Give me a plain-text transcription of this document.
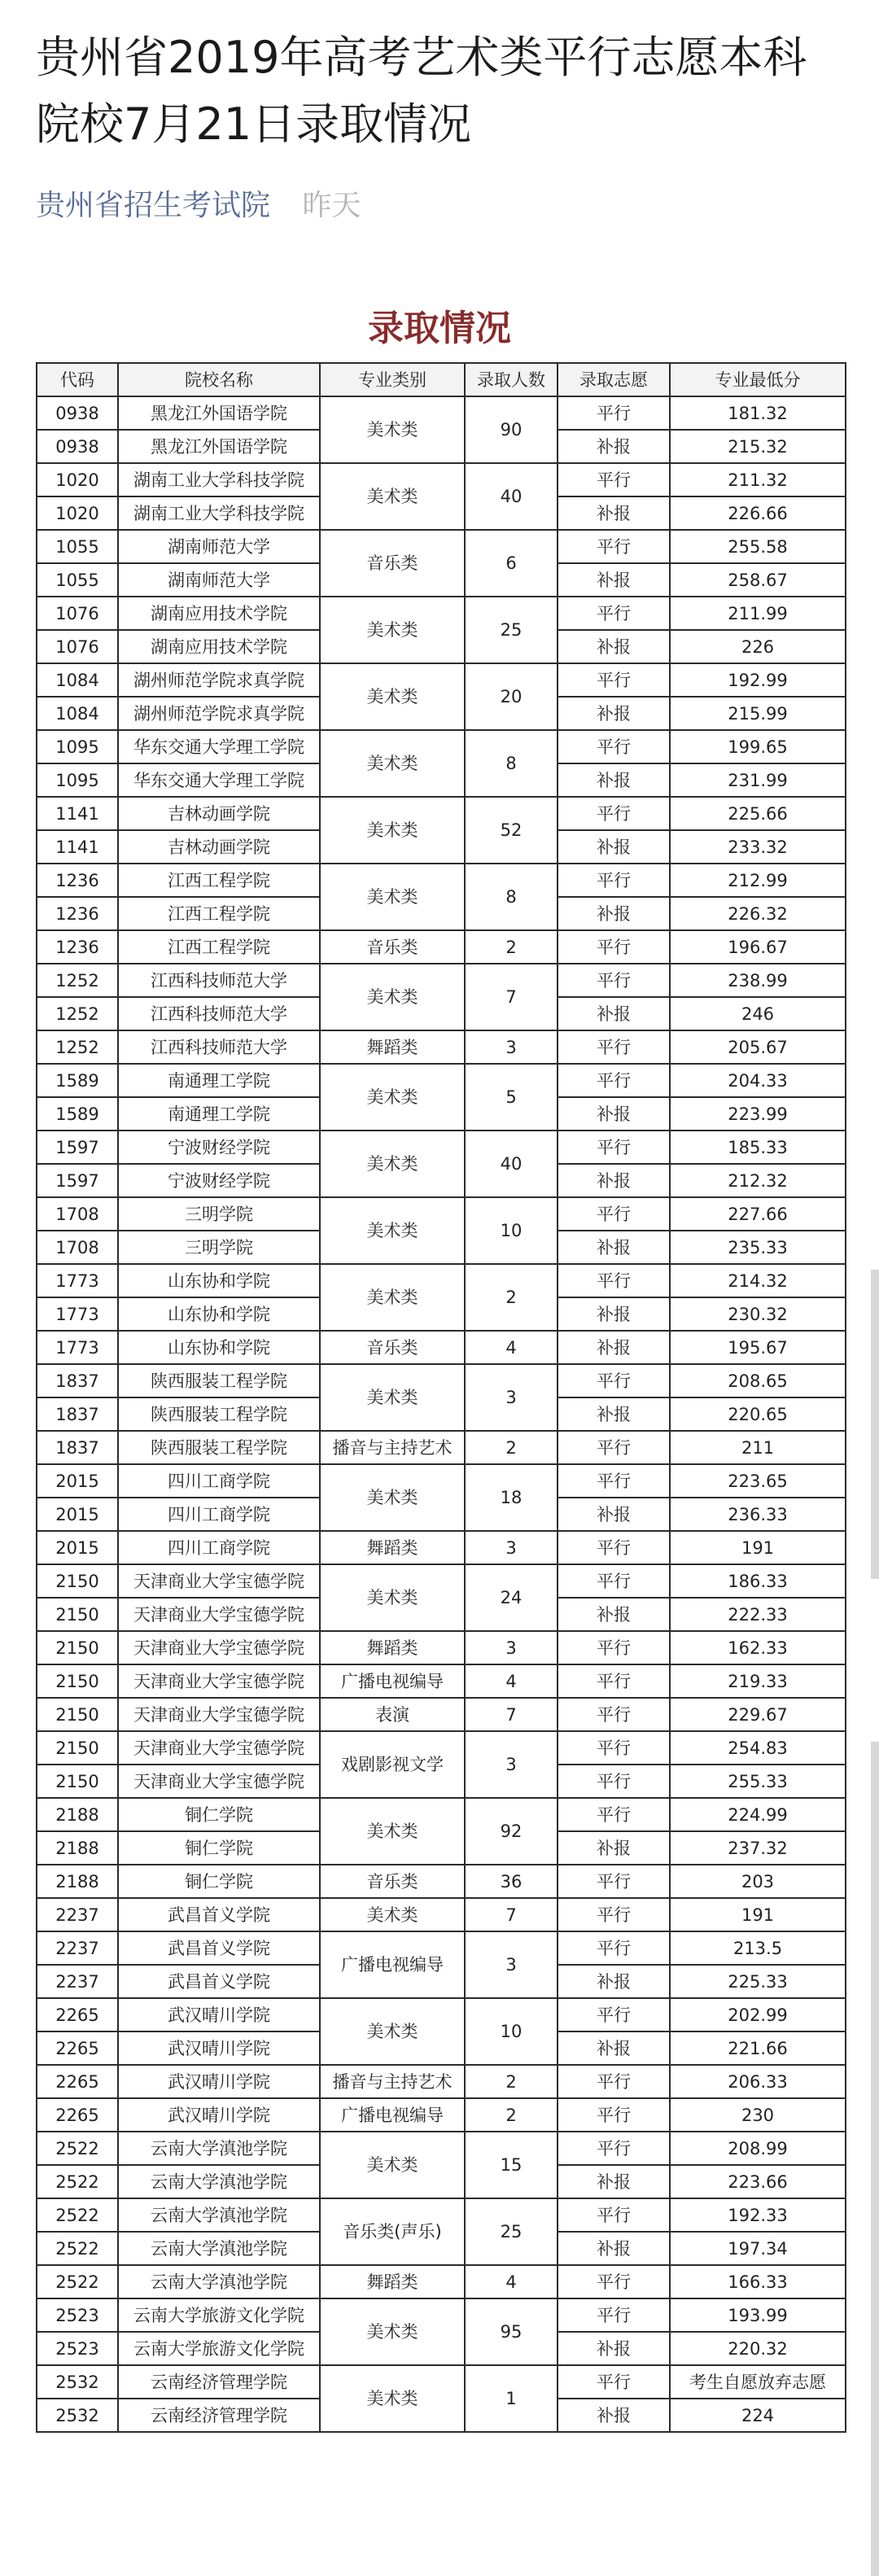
贵州省2019年高考艺术类平行志愿本科院校7月21日录取情况
贵州省招生考试院 昨天
录取情况
代码	院校名称	专业类别	录取人数	录取志愿	专业最低分
0938	黑龙江外国语学院	美术类	90	平行	181.32
0938	黑龙江外国语学院			补报	215.32
1020	湖南工业大学科技学院	美术类	40	平行	211.32
1020	湖南工业大学科技学院			补报	226.66
1055	湖南师范大学	音乐类	6	平行	255.58
1055	湖南师范大学			补报	258.67
1076	湖南应用技术学院	美术类	25	平行	211.99
1076	湖南应用技术学院			补报	226
1084	湖州师范学院求真学院	美术类	20	平行	192.99
1084	湖州师范学院求真学院			补报	215.99
1095	华东交通大学理工学院	美术类	8	平行	199.65
1095	华东交通大学理工学院			补报	231.99
1141	吉林动画学院	美术类	52	平行	225.66
1141	吉林动画学院			补报	233.32
1236	江西工程学院	美术类	8	平行	212.99
1236	江西工程学院			补报	226.32
1236	江西工程学院	音乐类	2	平行	196.67
1252	江西科技师范大学	美术类	7	平行	238.99
1252	江西科技师范大学			补报	246
1252	江西科技师范大学	舞蹈类	3	平行	205.67
1589	南通理工学院	美术类	5	平行	204.33
1589	南通理工学院			补报	223.99
1597	宁波财经学院	美术类	40	平行	185.33
1597	宁波财经学院			补报	212.32
1708	三明学院	美术类	10	平行	227.66
1708	三明学院			补报	235.33
1773	山东协和学院	美术类	2	平行	214.32
1773	山东协和学院			补报	230.32
1773	山东协和学院	音乐类	4	补报	195.67
1837	陕西服装工程学院	美术类	3	平行	208.65
1837	陕西服装工程学院			补报	220.65
1837	陕西服装工程学院	播音与主持艺术	2	平行	211
2015	四川工商学院	美术类	18	平行	223.65
2015	四川工商学院			补报	236.33
2015	四川工商学院	舞蹈类	3	平行	191
2150	天津商业大学宝德学院	美术类	24	平行	186.33
2150	天津商业大学宝德学院			补报	222.33
2150	天津商业大学宝德学院	舞蹈类	3	平行	162.33
2150	天津商业大学宝德学院	广播电视编导	4	平行	219.33
2150	天津商业大学宝德学院	表演	7	平行	229.67
2150	天津商业大学宝德学院	戏剧影视文学	3	平行	254.83
2150	天津商业大学宝德学院			平行	255.33
2188	铜仁学院	美术类	92	平行	224.99
2188	铜仁学院			补报	237.32
2188	铜仁学院	音乐类	36	平行	203
2237	武昌首义学院	美术类	7	平行	191
2237	武昌首义学院	广播电视编导	3	平行	213.5
2237	武昌首义学院			补报	225.33
2265	武汉晴川学院	美术类	10	平行	202.99
2265	武汉晴川学院			补报	221.66
2265	武汉晴川学院	播音与主持艺术	2	平行	206.33
2265	武汉晴川学院	广播电视编导	2	平行	230
2522	云南大学滇池学院	美术类	15	平行	208.99
2522	云南大学滇池学院			补报	223.66
2522	云南大学滇池学院	音乐类(声乐)	25	平行	192.33
2522	云南大学滇池学院			补报	197.34
2522	云南大学滇池学院	舞蹈类	4	平行	166.33
2523	云南大学旅游文化学院	美术类	95	平行	193.99
2523	云南大学旅游文化学院			补报	220.32
2532	云南经济管理学院	美术类	1	平行	考生自愿放弃志愿
2532	云南经济管理学院			补报	224
